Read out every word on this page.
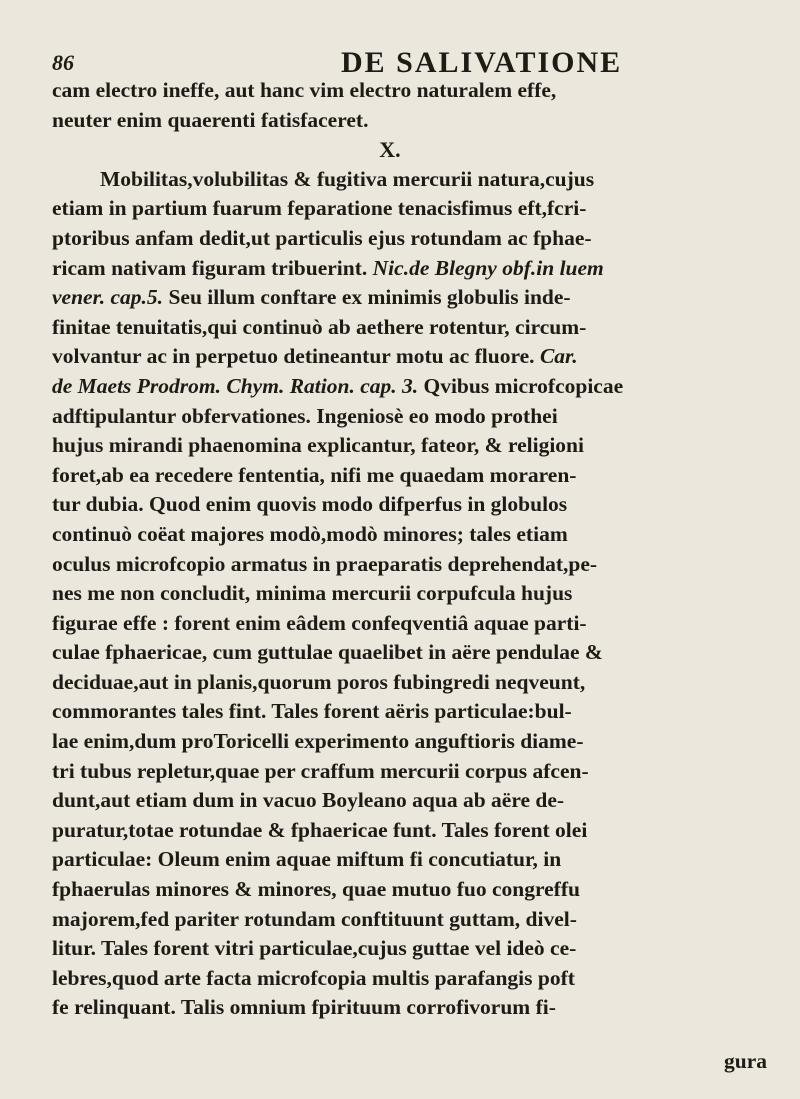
86	DE SALIVATIONE
cam electro ineffe, aut hanc vim electro naturalem effe,
neuter enim quaerenti fatisfaceret.
X.
Mobilitas,volubilitas & fugitiva mercurii natura,cujus
etiam in partium fuarum feparatione tenacisfimus eft,fcri-
ptoribus anfam dedit,ut particulis ejus rotundam ac fphae-
ricam nativam figuram tribuerint. Nic.de Blegny obf.in luem
vener. cap.5. Seu illum conftare ex minimis globulis inde-
finitae tenuitatis,qui continuò ab aethere rotentur, circum-
volvantur ac in perpetuo detineantur motu ac fluore. Car.
de Maets Prodrom. Chym. Ration. cap. 3. Qvibus microfcopicae
adftipulantur obfervationes. Ingeniosè eo modo prothei
hujus mirandi phaenomina explicantur, fateor, & religioni
foret,ab ea recedere fententia, nifi me quaedam moraren-
tur dubia. Quod enim quovis modo difperfus in globulos
continuò coëat majores modò,modò minores; tales etiam
oculus microfcopio armatus in praeparatis deprehendat,pe-
nes me non concludit, minima mercurii corpufcula hujus
figurae effe : forent enim eâdem confeqventiâ aquae parti-
culae fphaericae, cum guttulae quaelibet in aëre pendulae &
deciduae,aut in planis,quorum poros fubingredi neqveunt,
commorantes tales fint. Tales forent aëris particulae:bul-
lae enim,dum proToricelli experimento anguftioris diame-
tri tubus repletur,quae per craffum mercurii corpus afcen-
dunt,aut etiam dum in vacuo Boyleano aqua ab aëre de-
puratur,totae rotundae & fphaericae funt. Tales forent olei
particulae: Oleum enim aquae miftum fi concutiatur, in
fphaerulas minores & minores, quae mutuo fuo congreffu
majorem,fed pariter rotundam conftituunt guttam, divel-
litur. Tales forent vitri particulae,cujus guttae vel ideò ce-
lebres,quod arte facta microfcopia multis parafangis poft
fe relinquant. Talis omnium fpirituum corrofivorum fi-
gura
